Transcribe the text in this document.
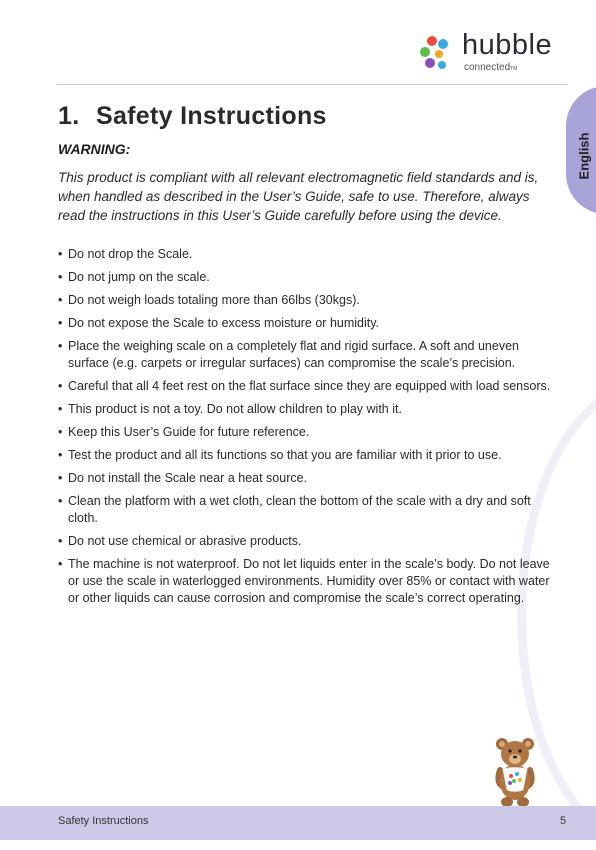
English
hubble
connectedTM
1. Safety Instructions
WARNING:

This product is compliant with all relevant electromagnetic field standards and is, when handled as described in the User’s Guide, safe to use. Therefore, always read the instructions in this User’s Guide carefully before using the device.

• Do not drop the Scale.
• Do not jump on the scale.
• Do not weigh loads totaling more than 66lbs (30kgs).
• Do not expose the Scale to excess moisture or humidity.
• Place the weighing scale on a completely flat and rigid surface. A soft and uneven surface (e.g. carpets or irregular surfaces) can compromise the scale’s precision.
• Careful that all 4 feet rest on the flat surface since they are equipped with load sensors.
• This product is not a toy. Do not allow children to play with it.
• Keep this User’s Guide for future reference.
• Test the product and all its functions so that you are familiar with it prior to use.
• Do not install the Scale near a heat source.
• Clean the platform with a wet cloth, clean the bottom of the scale with a dry and soft cloth.
• Do not use chemical or abrasive products.
• The machine is not waterproof. Do not let liquids enter in the scale’s body. Do not leave or use the scale in waterlogged environments. Humidity over 85% or contact with water or other liquids can cause corrosion and compromise the scale’s correct operating.
Safety Instructions	5
